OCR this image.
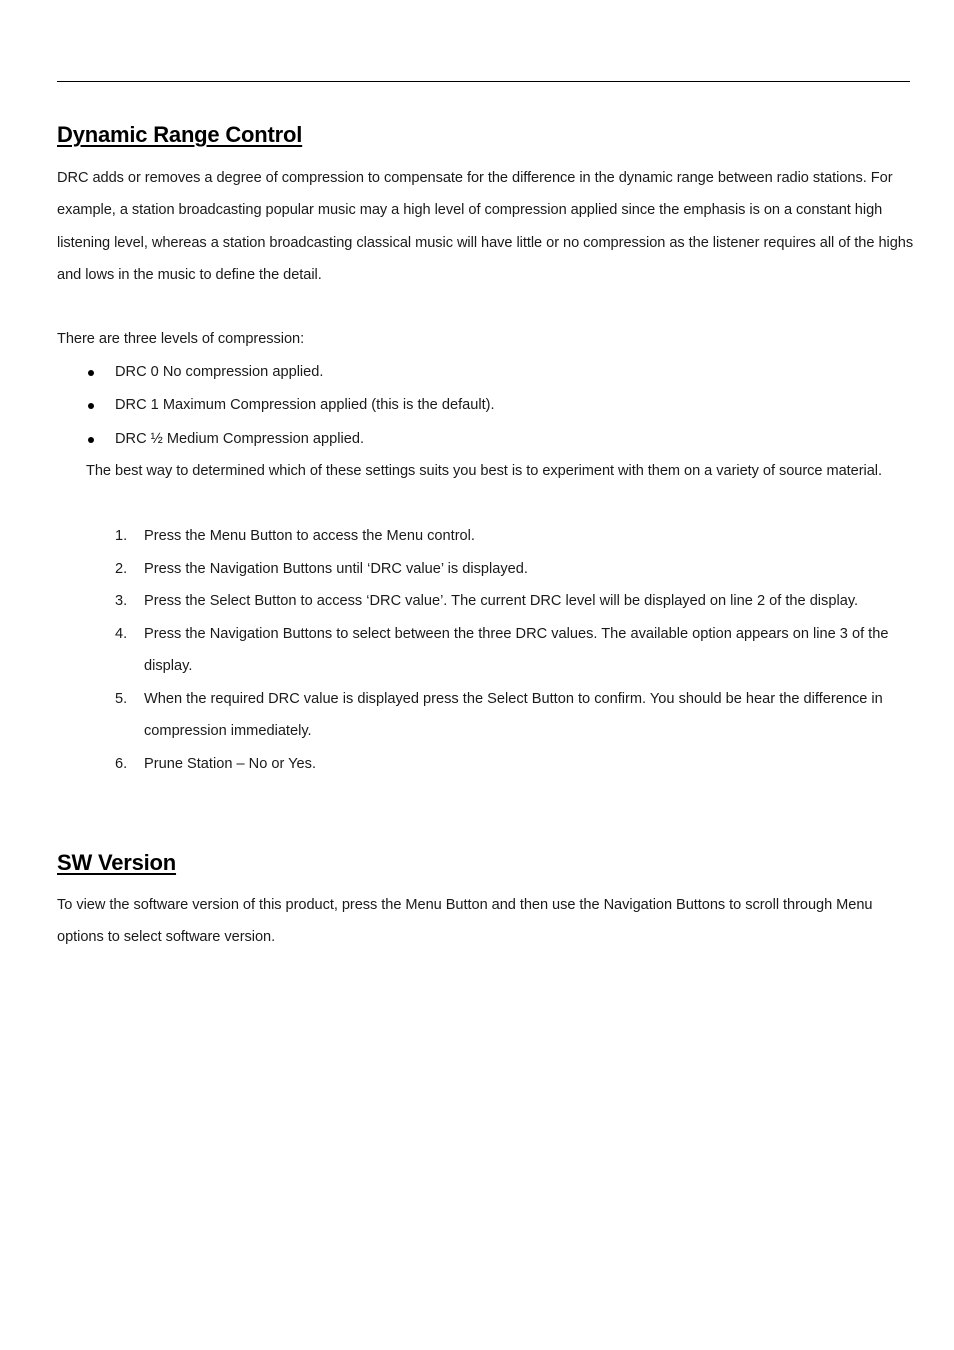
Dynamic Range Control

DRC adds or removes a degree of compression to compensate for the difference in the dynamic range between radio stations. For example, a station broadcasting popular music may a high level of compression applied since the emphasis is on a constant high listening level, whereas a station broadcasting classical music will have little or no compression as the listener requires all of the highs and lows in the music to define the detail.

There are three levels of compression:

DRC 0 No compression applied.
DRC 1 Maximum Compression applied (this is the default).
DRC ½ Medium Compression applied.

The best way to determined which of these settings suits you best is to experiment with them on a variety of source material.

1. Press the Menu Button to access the Menu control.
2. Press the Navigation Buttons until ‘DRC value’ is displayed.
3. Press the Select Button to access ‘DRC value’. The current DRC level will be displayed on line 2 of the display.
4. Press the Navigation Buttons to select between the three DRC values. The available option appears on line 3 of the display.
5. When the required DRC value is displayed press the Select Button to confirm. You should be hear the difference in compression immediately.
6. Prune Station – No or Yes.
SW Version

To view the software version of this product, press the Menu Button and then use the Navigation Buttons to scroll through Menu options to select software version.
